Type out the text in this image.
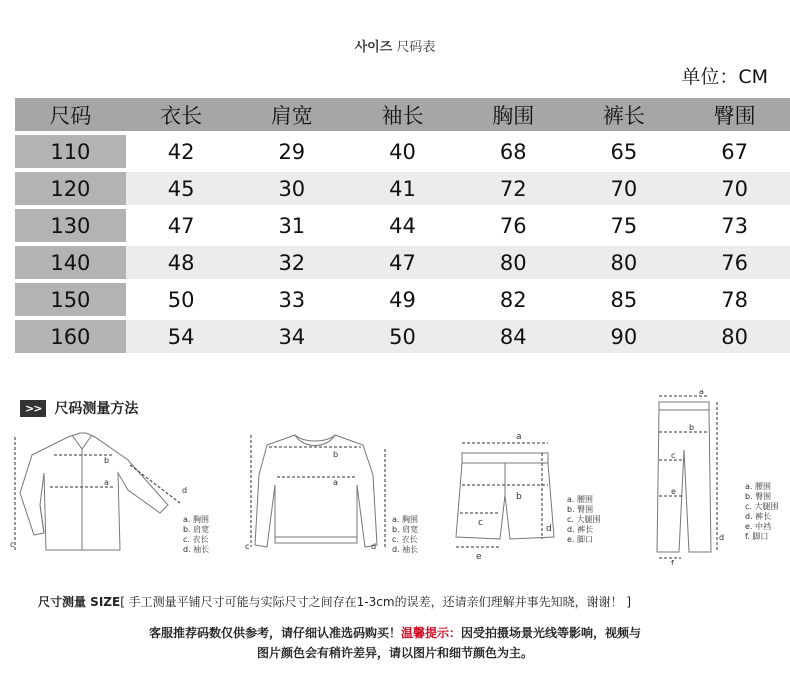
사이즈 尺码表
单位：CM
尺码	衣长	肩宽	袖长	胸围	裤长	臀围
110	42	29	40	68	65	67
120	45	30	41	72	70	70
130	47	31	44	76	75	73
140	48	32	47	80	80	76
150	50	33	49	82	85	78
160	54	34	50	84	90	80
>> 尺码测量方法
a
b
c
d
a. 胸围
b. 肩宽
c. 衣长
d. 袖长
a
b
c	d
a. 胸围
b. 肩宽
c. 衣长
d. 袖长
a
b
c
d
e
a. 腰围
b. 臀围
c. 大腿围
d. 裤长
e. 脚口
a
b
c
d
e
f
a. 腰围
b. 臀围
c. 大腿围
d. 裤长
e. 中裆
f. 脚口
尺寸测量 SIZE[ 手工测量平铺尺寸可能与实际尺寸之间存在1-3cm的误差，还请亲们理解并事先知晓，谢谢！ ]
客服推荐码数仅供参考，请仔细认准选码购买！温馨提示：因受拍摄场景光线等影响，视频与
图片颜色会有稍许差异，请以图片和细节颜色为主。
